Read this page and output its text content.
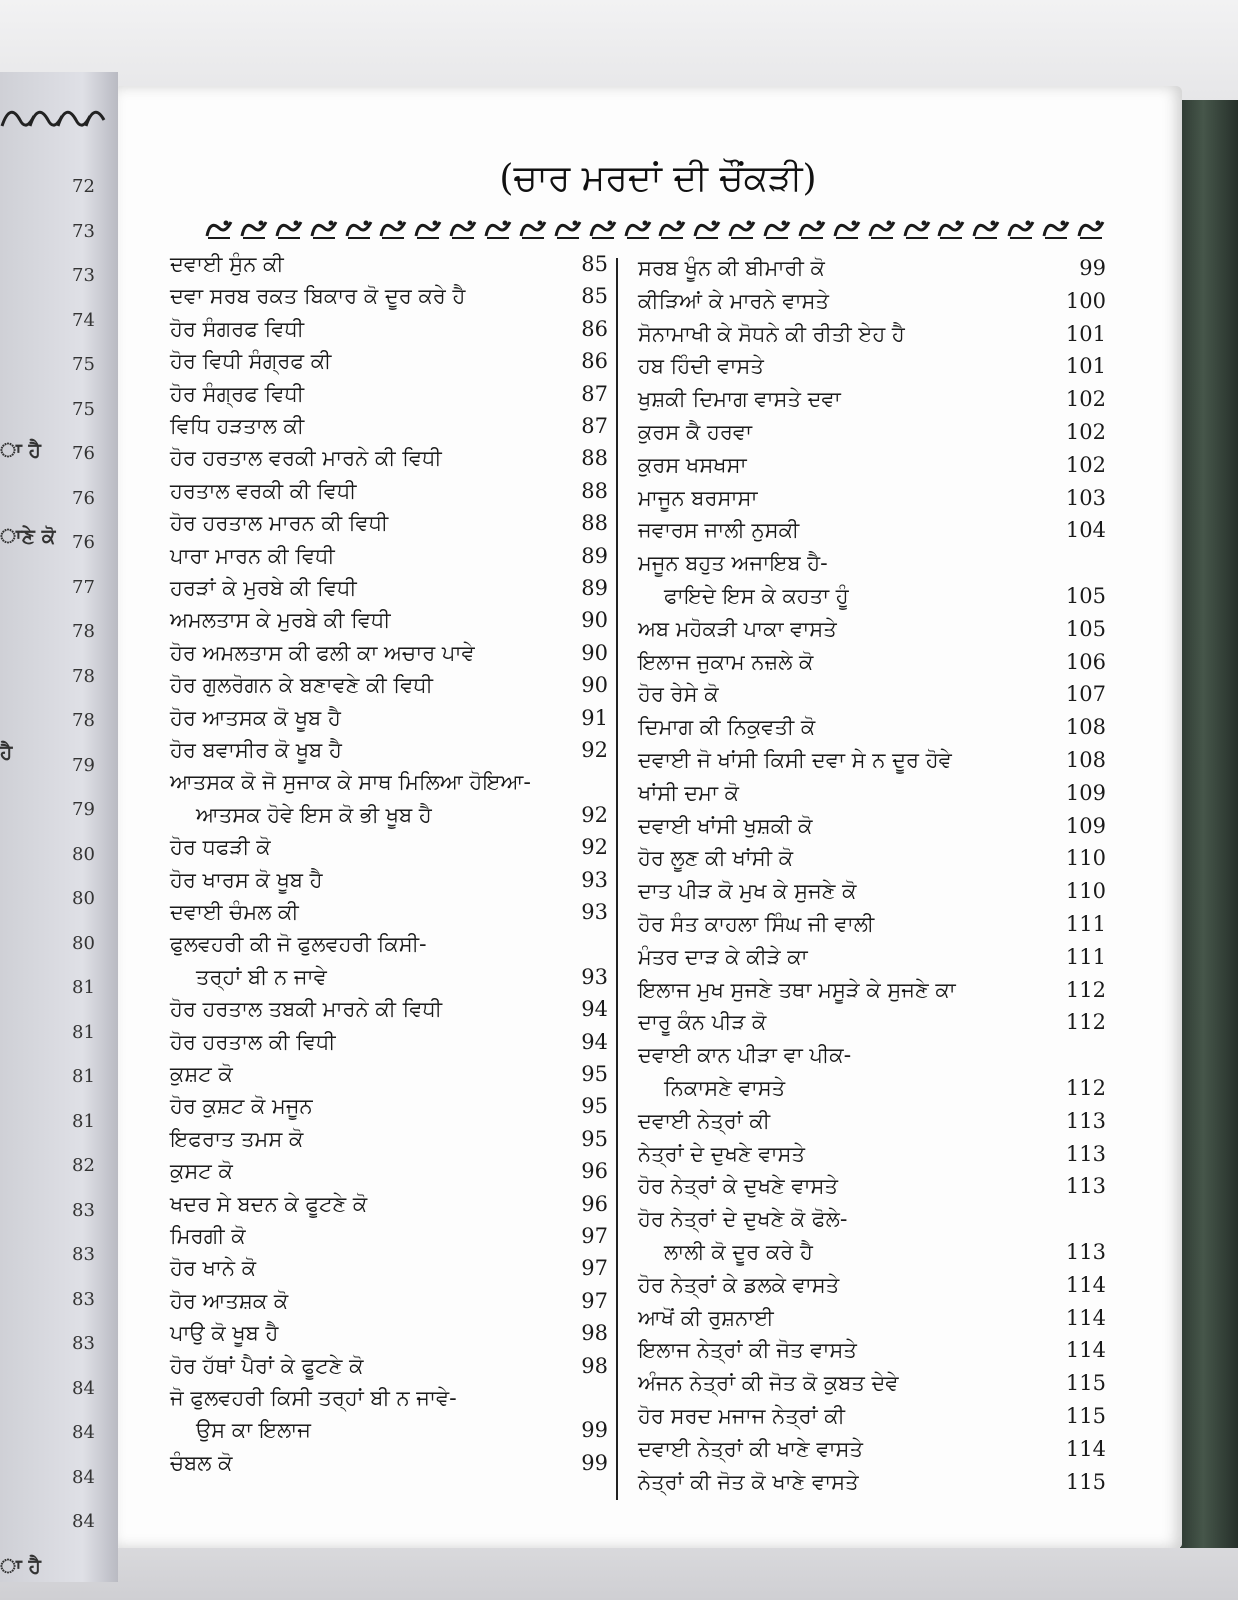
72
73
73
74
75
75
76
76
76
77
78
78
78
79
79
80
80
80
81
81
81
81
82
83
83
83
83
84
84
84
84
ਾ ਹੈ
ਾਣੇ ਕੋ
ਹੈ
ਾ ਹੈ
(ਚਾਰ ਮਰਦਾਂ ਦੀ ਚੌਂਕੜੀ)
ਦਵਾਈ ਸੁੰਨ ਕੀ	85
ਦਵਾ ਸਰਬ ਰਕਤ ਬਿਕਾਰ ਕੋ ਦੂਰ ਕਰੇ ਹੈ	85
ਹੋਰ ਸੰਗਰਫ ਵਿਧੀ	86
ਹੋਰ ਵਿਧੀ ਸੰਗ੍ਰਫ ਕੀ	86
ਹੋਰ ਸੰਗ੍ਰਫ ਵਿਧੀ	87
ਵਿਧਿ ਹੜਤਾਲ ਕੀ	87
ਹੋਰ ਹਰਤਾਲ ਵਰਕੀ ਮਾਰਨੇ ਕੀ ਵਿਧੀ	88
ਹਰਤਾਲ ਵਰਕੀ ਕੀ ਵਿਧੀ	88
ਹੋਰ ਹਰਤਾਲ ਮਾਰਨ ਕੀ ਵਿਧੀ	88
ਪਾਰਾ ਮਾਰਨ ਕੀ ਵਿਧੀ	89
ਹਰੜਾਂ ਕੇ ਮੁਰਬੇ ਕੀ ਵਿਧੀ	89
ਅਮਲਤਾਸ ਕੇ ਮੁਰਬੇ ਕੀ ਵਿਧੀ	90
ਹੋਰ ਅਮਲਤਾਸ ਕੀ ਫਲੀ ਕਾ ਅਚਾਰ ਪਾਵੇ	90
ਹੋਰ ਗੁਲਰੋਗਨ ਕੇ ਬਣਾਵਣੇ ਕੀ ਵਿਧੀ	90
ਹੋਰ ਆਤਸਕ ਕੋ ਖੂਬ ਹੈ	91
ਹੋਰ ਬਵਾਸੀਰ ਕੋ ਖੂਬ ਹੈ	92
ਆਤਸਕ ਕੋ ਜੋ ਸੁਜਾਕ ਕੇ ਸਾਥ ਮਿਲਿਆ ਹੋਇਆ-
ਆਤਸਕ ਹੋਵੇ ਇਸ ਕੋ ਭੀ ਖੂਬ ਹੈ	92
ਹੋਰ ਧਫੜੀ ਕੋ	92
ਹੋਰ ਖਾਰਸ ਕੋ ਖੂਬ ਹੈ	93
ਦਵਾਈ ਚੰਮਲ ਕੀ	93
ਫੁਲਵਹਰੀ ਕੀ ਜੋ ਫੁਲਵਹਰੀ ਕਿਸੀ-
ਤਰ੍ਹਾਂ ਬੀ ਨ ਜਾਵੇ	93
ਹੋਰ ਹਰਤਾਲ ਤਬਕੀ ਮਾਰਨੇ ਕੀ ਵਿਧੀ	94
ਹੋਰ ਹਰਤਾਲ ਕੀ ਵਿਧੀ	94
ਕੁਸ਼ਟ ਕੋ	95
ਹੋਰ ਕੁਸ਼ਟ ਕੋ ਮਜੂਨ	95
ਇਫਰਾਤ ਤਮਸ ਕੋ	95
ਕੁਸਟ ਕੋ	96
ਖਦਰ ਸੇ ਬਦਨ ਕੇ ਫੂਟਣੇ ਕੋ	96
ਮਿਰਗੀ ਕੋ	97
ਹੋਰ ਖਾਨੇ ਕੋ	97
ਹੋਰ ਆਤਸ਼ਕ ਕੋ	97
ਪਾਉ ਕੋ ਖੂਬ ਹੈ	98
ਹੋਰ ਹੱਥਾਂ ਪੈਰਾਂ ਕੇ ਫੂਟਣੇ ਕੋ	98
ਜੋ ਫੁਲਵਹਰੀ ਕਿਸੀ ਤਰ੍ਹਾਂ ਬੀ ਨ ਜਾਵੇ-
ਉਸ ਕਾ ਇਲਾਜ	99
ਚੰਬਲ ਕੋ	99
ਸਰਬ ਖੂੰਨ ਕੀ ਬੀਮਾਰੀ ਕੋ	99
ਕੀੜਿਆਂ ਕੇ ਮਾਰਨੇ ਵਾਸਤੇ	100
ਸੋਨਾਮਾਖੀ ਕੇ ਸੋਧਨੇ ਕੀ ਰੀਤੀ ਏਹ ਹੈ	101
ਹਬ ਹਿੰਦੀ ਵਾਸਤੇ	101
ਖੁਸ਼ਕੀ ਦਿਮਾਗ ਵਾਸਤੇ ਦਵਾ	102
ਕੁਰਸ ਕੈ ਹਰਵਾ	102
ਕੁਰਸ ਖਸਖਸਾ	102
ਮਾਜੂਨ ਬਰਸਾਸਾ	103
ਜਵਾਰਸ ਜਾਲੀ ਨੁਸਕੀ	104
ਮਜੂਨ ਬਹੁਤ ਅਜਾਇਬ ਹੈ-
ਫਾਇਦੇ ਇਸ ਕੇ ਕਹਤਾ ਹੂੰ	105
ਅਬ ਮਹੋਕੜੀ ਪਾਕਾ ਵਾਸਤੇ	105
ਇਲਾਜ ਜੁਕਾਮ ਨਜ਼ਲੇ ਕੋ	106
ਹੋਰ ਰੇਸੇ ਕੋ	107
ਦਿਮਾਗ ਕੀ ਨਿਕੁਵਤੀ ਕੋ	108
ਦਵਾਈ ਜੋ ਖਾਂਸੀ ਕਿਸੀ ਦਵਾ ਸੇ ਨ ਦੂਰ ਹੋਵੇ	108
ਖਾਂਸੀ ਦਮਾ ਕੋ	109
ਦਵਾਈ ਖਾਂਸੀ ਖੁਸ਼ਕੀ ਕੋ	109
ਹੋਰ ਲੂਣ ਕੀ ਖਾਂਸੀ ਕੋ	110
ਦਾਤ ਪੀੜ ਕੋ ਮੁਖ ਕੇ ਸੁਜਣੇ ਕੋ	110
ਹੋਰ ਸੰਤ ਕਾਹਲਾ ਸਿੰਘ ਜੀ ਵਾਲੀ	111
ਮੰਤਰ ਦਾੜ ਕੇ ਕੀੜੇ ਕਾ	111
ਇਲਾਜ ਮੁਖ ਸੁਜਣੇ ਤਥਾ ਮਸੂੜੇ ਕੇ ਸੁਜਣੇ ਕਾ	112
ਦਾਰੂ ਕੰਨ ਪੀੜ ਕੋ	112
ਦਵਾਈ ਕਾਨ ਪੀੜਾ ਵਾ ਪੀਕ-
ਨਿਕਾਸਣੇ ਵਾਸਤੇ	112
ਦਵਾਈ ਨੇਤ੍ਰਾਂ ਕੀ	113
ਨੇਤ੍ਰਾਂ ਦੇ ਦੁਖਣੇ ਵਾਸਤੇ	113
ਹੋਰ ਨੇਤ੍ਰਾਂ ਕੇ ਦੁਖਣੇ ਵਾਸਤੇ	113
ਹੋਰ ਨੇਤ੍ਰਾਂ ਦੇ ਦੁਖਣੇ ਕੋ ਫੋਲੇ-
ਲਾਲੀ ਕੋ ਦੂਰ ਕਰੇ ਹੈ	113
ਹੋਰ ਨੇਤ੍ਰਾਂ ਕੇ ਡਲਕੇ ਵਾਸਤੇ	114
ਆਖੋਂ ਕੀ ਰੁਸ਼ਨਾਈ	114
ਇਲਾਜ ਨੇਤ੍ਰਾਂ ਕੀ ਜੋਤ ਵਾਸਤੇ	114
ਅੰਜਨ ਨੇਤ੍ਰਾਂ ਕੀ ਜੋਤ ਕੋ ਕੁਬਤ ਦੇਵੇ	115
ਹੋਰ ਸਰਦ ਮਜਾਜ ਨੇਤ੍ਰਾਂ ਕੀ	115
ਦਵਾਈ ਨੇਤ੍ਰਾਂ ਕੀ ਖਾਣੇ ਵਾਸਤੇ	114
ਨੇਤ੍ਰਾਂ ਕੀ ਜੋਤ ਕੋ ਖਾਣੇ ਵਾਸਤੇ	115
